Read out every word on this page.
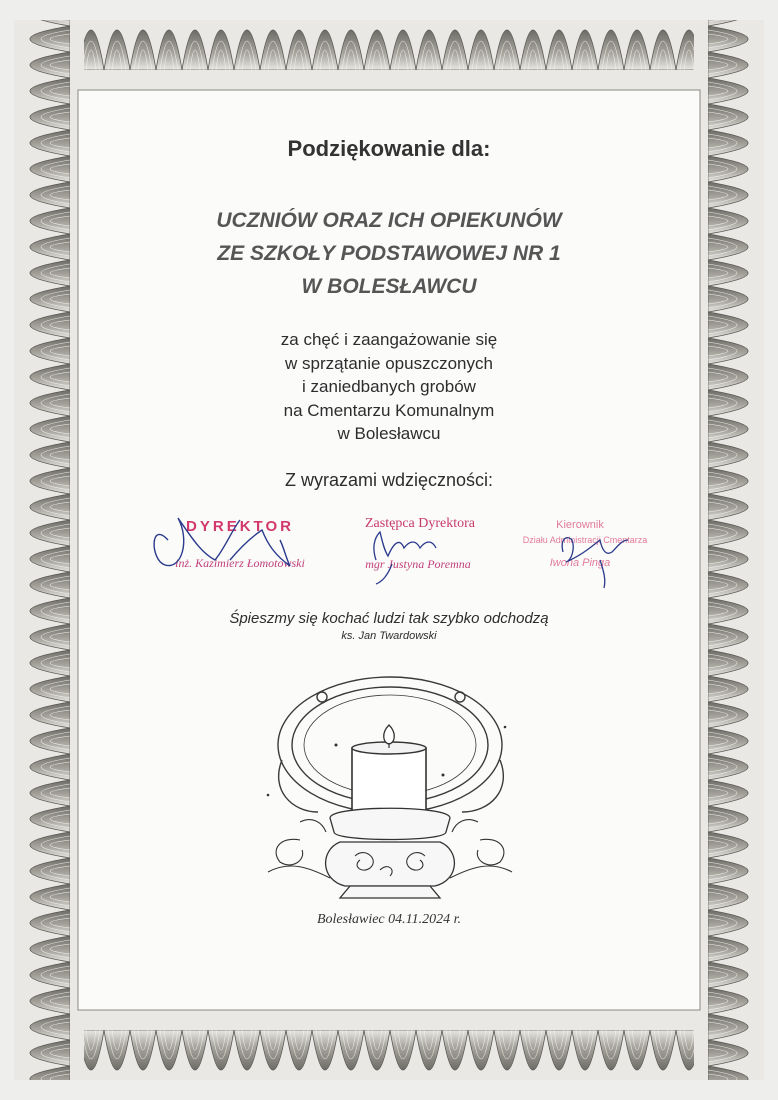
Podziękowanie dla:
UCZNIÓW ORAZ ICH OPIEKUNÓW
ZE SZKOŁY PODSTAWOWEJ NR 1
W BOLESŁAWCU
za chęć i zaangażowanie się
w sprzątanie opuszczonych
i zaniedbanych grobów
na Cmentarzu Komunalnym
w Bolesławcu
Z wyrazami wdzięczności:
DYREKTOR
inż. Kazimierz Łomotowski
Zastępca Dyrektora
mgr Justyna Poremna
Kierownik
Działu Administracji Cmentarza
Iwona Pinga
Śpieszmy się kochać ludzi tak szybko odchodzą
ks. Jan Twardowski
Bolesławiec 04.11.2024 r.
